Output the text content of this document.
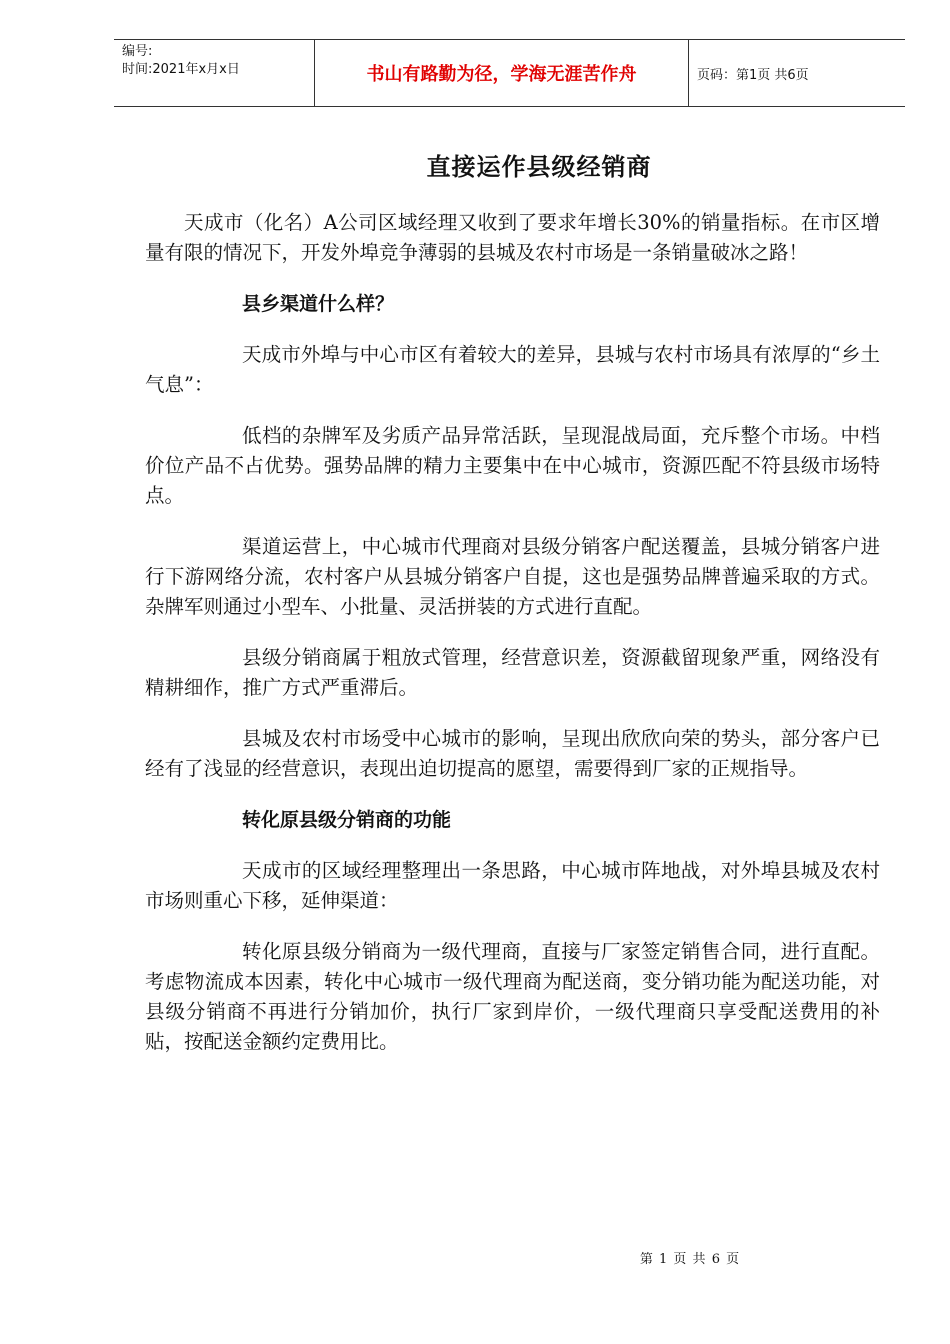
编号:
时间:2021年x月x日	书山有路勤为径，学海无涯苦作舟	页码：第1页 共6页
直接运作县级经销商

天成市（化名）A公司区域经理又收到了要求年增长30%的销量指标。在市区增量有限的情况下，开发外埠竞争薄弱的县城及农村市场是一条销量破冰之路！

县乡渠道什么样？

天成市外埠与中心市区有着较大的差异，县城与农村市场具有浓厚的“乡土气息”：

低档的杂牌军及劣质产品异常活跃，呈现混战局面，充斥整个市场。中档价位产品不占优势。强势品牌的精力主要集中在中心城市，资源匹配不符县级市场特点。

渠道运营上，中心城市代理商对县级分销客户配送覆盖，县城分销客户进行下游网络分流，农村客户从县城分销客户自提，这也是强势品牌普遍采取的方式。杂牌军则通过小型车、小批量、灵活拼装的方式进行直配。

县级分销商属于粗放式管理，经营意识差，资源截留现象严重，网络没有精耕细作，推广方式严重滞后。

县城及农村市场受中心城市的影响，呈现出欣欣向荣的势头，部分客户已经有了浅显的经营意识，表现出迫切提高的愿望，需要得到厂家的正规指导。

转化原县级分销商的功能

天成市的区域经理整理出一条思路，中心城市阵地战，对外埠县城及农村市场则重心下移，延伸渠道：

转化原县级分销商为一级代理商，直接与厂家签定销售合同，进行直配。考虑物流成本因素，转化中心城市一级代理商为配送商，变分销功能为配送功能，对县级分销商不再进行分销加价，执行厂家到岸价，一级代理商只享受配送费用的补贴，按配送金额约定费用比。

第 1 页 共 6 页
